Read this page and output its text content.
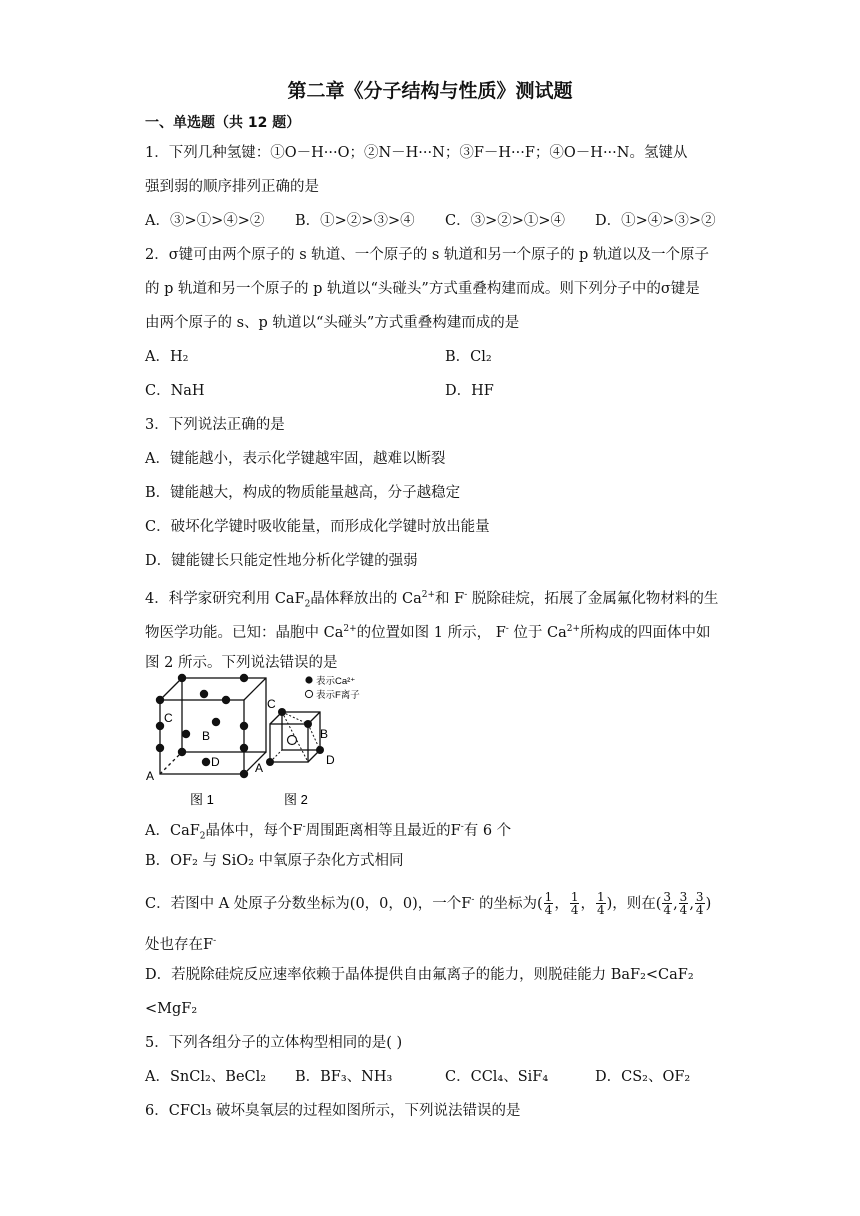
第二章《分子结构与性质》测试题
一、单选题（共 12 题）
1．下列几种氢键：①O－H···O；②N－H···N；③F－H···F；④O－H···N。氢键从
强到弱的顺序排列正确的是
A．③>①>④>② B．①>②>③>④ C．③>②>①>④ D．①>④>③>②
2．σ键可由两个原子的 s 轨道、一个原子的 s 轨道和另一个原子的 p 轨道以及一个原子
的 p 轨道和另一个原子的 p 轨道以“头碰头”方式重叠构建而成。则下列分子中的σ键是
由两个原子的 s、p 轨道以“头碰头”方式重叠构建而成的是
A．H₂	B．Cl₂
C．NaH	D．HF
3．下列说法正确的是
A．键能越小，表示化学键越牢固，越难以断裂
B．键能越大，构成的物质能量越高，分子越稳定
C．破坏化学键时吸收能量，而形成化学键时放出能量
D．键能键长只能定性地分析化学键的强弱
4．科学家研究利用 CaF$_2$晶体释放出的 $Ca^{2+}$和 F- 脱除硅烷，拓展了金属氟化物材料的生
物医学功能。已知：晶胞中 $Ca^{2+}$的位置如图 1 所示， F- 位于 $Ca^{2+}$所构成的四面体中如
图 2 所示。下列说法错误的是
C
B
D
A
图 1
C
B
D
A
表示Ca²⁺
表示F离子
图 2
A．CaF$_2$晶体中，每个F-周围距离相等且最近的F-有 6 个
B．OF₂ 与 SiO₂ 中氧原子杂化方式相同
C．若图中 A 处原子分数坐标为(0，0，0)，一个F- 的坐标为( $\frac{1}{4}$ ， $\frac{1}{4}$ ， $\frac{1}{4}$ )，则在( $\frac{3}{4}$ , $\frac{3}{4}$ , $\frac{3}{4}$ )
处也存在F-
D．若脱除硅烷反应速率依赖于晶体提供自由氟离子的能力，则脱硅能力 BaF₂<CaF₂
<MgF₂
5．下列各组分子的立体构型相同的是( )
A．SnCl₂、BeCl₂ B．BF₃、NH₃	C．CCl₄、SiF₄	D．CS₂、OF₂
6．CFCl₃ 破坏臭氧层的过程如图所示，下列说法错误的是
